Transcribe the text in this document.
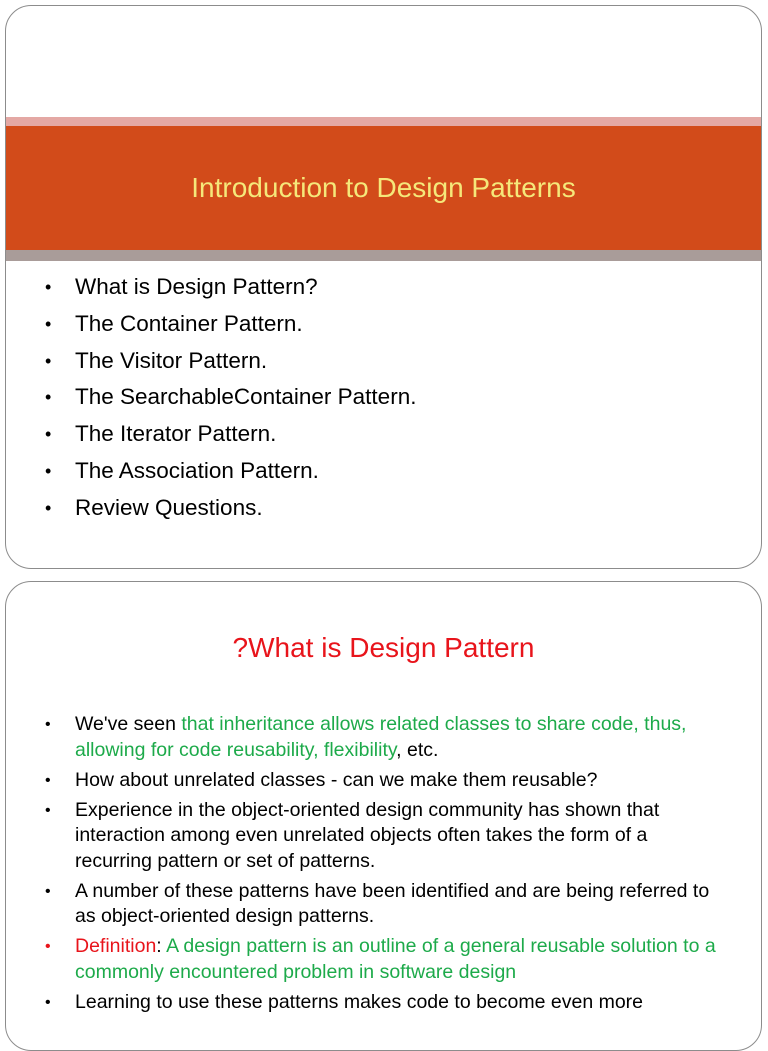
Introduction to Design Patterns
• What is Design Pattern?
• The Container Pattern.
• The Visitor Pattern.
• The SearchableContainer Pattern.
• The Iterator Pattern.
• The Association Pattern.
• Review Questions.
?What is Design Pattern
• We've seen that inheritance allows related classes to share code, thus, allowing for code reusability, flexibility, etc.
• How about unrelated classes - can we make them reusable?
• Experience in the object-oriented design community has shown that interaction among even unrelated objects often takes the form of a recurring pattern or set of patterns.
• A number of these patterns have been identified and are being referred to as object-oriented design patterns.
• Definition: A design pattern is an outline of a general reusable solution to a commonly encountered problem in software design
• Learning to use these patterns makes code to become even more
